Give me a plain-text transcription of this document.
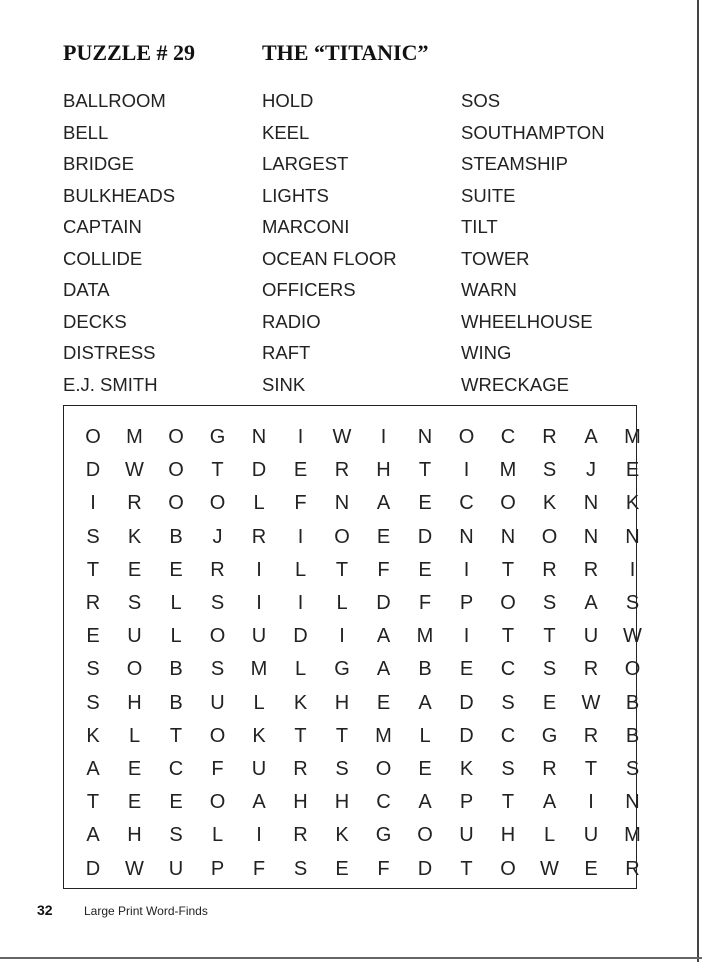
PUZZLE # 29	THE “TITANIC”
BALLROOM
BELL
BRIDGE
BULKHEADS
CAPTAIN
COLLIDE
DATA
DECKS
DISTRESS
E.J. SMITH
HOLD
KEEL
LARGEST
LIGHTS
MARCONI
OCEAN FLOOR
OFFICERS
RADIO
RAFT
SINK
SOS
SOUTHAMPTON
STEAMSHIP
SUITE
TILT
TOWER
WARN
WHEELHOUSE
WING
WRECKAGE
O	M	O	G	N	I	W	I	N	O	C	R	A	M
D	W	O	T	D	E	R	H	T	I	M	S	J	E
I	R	O	O	L	F	N	A	E	C	O	K	N	K
S	K	B	J	R	I	O	E	D	N	N	O	N	N
T	E	E	R	I	L	T	F	E	I	T	R	R	I
R	S	L	S	I	I	L	D	F	P	O	S	A	S
E	U	L	O	U	D	I	A	M	I	T	T	U	W
S	O	B	S	M	L	G	A	B	E	C	S	R	O
S	H	B	U	L	K	H	E	A	D	S	E	W	B
K	L	T	O	K	T	T	M	L	D	C	G	R	B
A	E	C	F	U	R	S	O	E	K	S	R	T	S
T	E	E	O	A	H	H	C	A	P	T	A	I	N
A	H	S	L	I	R	K	G	O	U	H	L	U	M
D	W	U	P	F	S	E	F	D	T	O	W	E	R
32	Large Print Word-Finds
